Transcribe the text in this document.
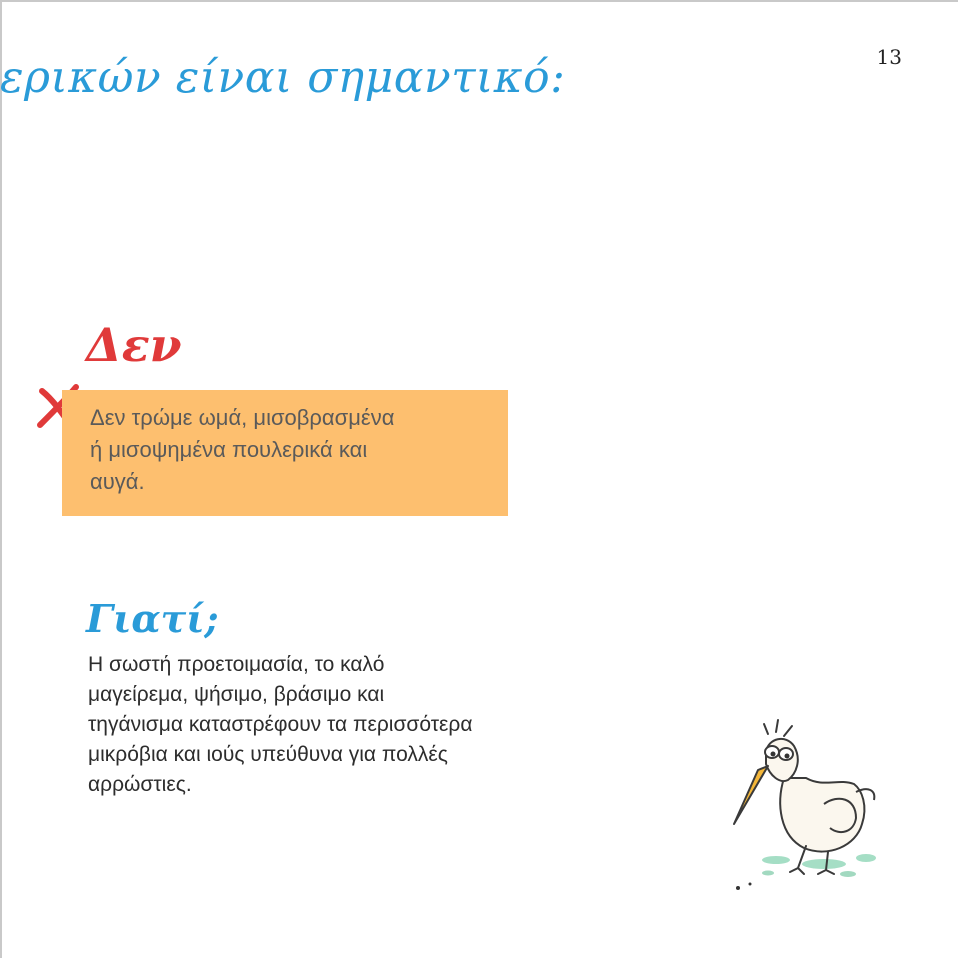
13
ερικών είναι σημαντικό:
Δεν
Δεν τρώμε ωμά, μισοβρασμένα
ή μισοψημένα πουλερικά και
αυγά.
Γιατί;
Η σωστή προετοιμασία, το καλό
μαγείρεμα, ψήσιμο, βράσιμο και
τηγάνισμα καταστρέφουν τα περισσότερα
μικρόβια και ιούς υπεύθυνα για πολλές
αρρώστιες.
